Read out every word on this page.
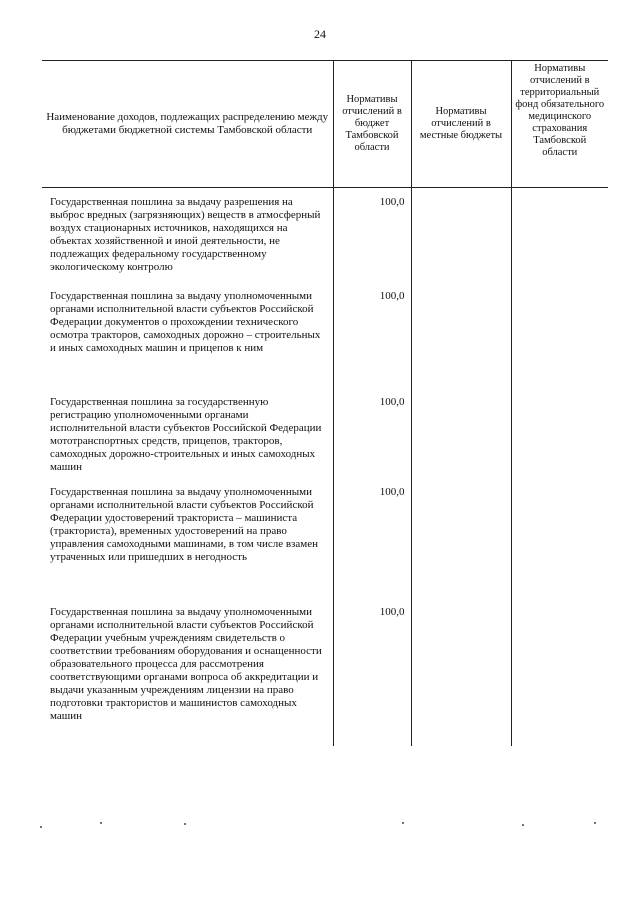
24
Наименование доходов, подлежащих распределению между бюджетами бюджетной системы Тамбовской области	Нормативы отчислений в бюджет Тамбовской области	Нормативы отчислений в местные бюджеты	Нормативы отчислений в территориальный фонд обязательного медицинского страхования Тамбовской области
Государственная пошлина за выдачу разрешения на выброс вредных (загрязняющих) веществ в атмосферный воздух стационарных источников, находящихся на объектах хозяйственной и иной деятельности, не подлежащих федеральному государственному экологическому контролю	100,0		
Государственная пошлина за выдачу уполномоченными органами исполнительной власти субъектов Российской Федерации документов о прохождении технического осмотра тракторов, самоходных дорожно – строительных и иных самоходных машин и прицепов к ним	100,0		
Государственная пошлина за государственную регистрацию уполномоченными органами исполнительной власти субъектов Российской Федерации мототранспортных средств, прицепов, тракторов, самоходных дорожно-строительных и иных самоходных машин	100,0		
Государственная пошлина за выдачу уполномоченными органами исполнительной власти субъектов Российской Федерации удостоверений тракториста – машиниста (тракториста), временных удостоверений на право управления самоходными машинами, в том числе взамен утраченных или пришедших в негодность	100,0		
Государственная пошлина за выдачу уполномоченными органами исполнительной власти субъектов Российской Федерации учебным учреждениям свидетельств о соответствии требованиям оборудования и оснащенности образовательного процесса для рассмотрения соответствующими органами вопроса об аккредитации и выдачи указанным учреждениям лицензии на право подготовки трактористов и машинистов самоходных машин	100,0		
